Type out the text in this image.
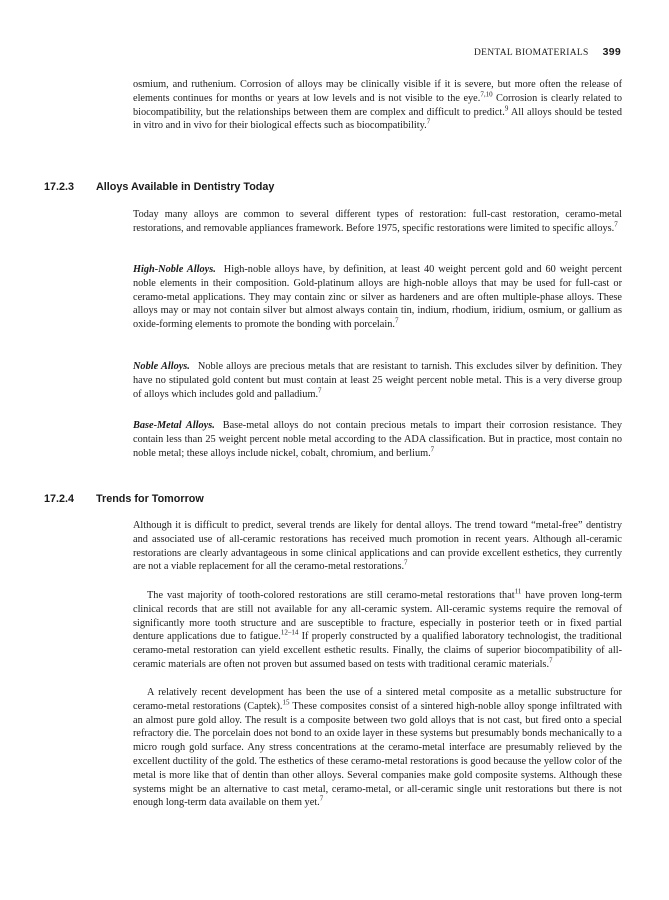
DENTAL BIOMATERIALS 399

osmium, and ruthenium. Corrosion of alloys may be clinically visible if it is severe, but more often the release of elements continues for months or years at low levels and is not visible to the eye.$^{7,10}$ Corrosion is clearly related to biocompatibility, but the relationships between them are complex and difficult to predict.$^9$ All alloys should be tested in vitro and in vivo for their biological effects such as biocompatibility.$^7$

17.2.3 Alloys Available in Dentistry Today

Today many alloys are common to several different types of restoration: full-cast restoration, ceramo-metal restorations, and removable appliances framework. Before 1975, specific restorations were limited to specific alloys.$^7$

High-Noble Alloys. High-noble alloys have, by definition, at least 40 weight percent gold and 60 weight percent noble elements in their composition. Gold-platinum alloys are high-noble alloys that may be used for full-cast or ceramo-metal applications. They may contain zinc or silver as hardeners and are often multiple-phase alloys. These alloys may or may not contain silver but almost always contain tin, indium, rhodium, iridium, osmium, or gallium as oxide-forming elements to promote the bonding with porcelain.$^7$

Noble Alloys. Noble alloys are precious metals that are resistant to tarnish. This excludes silver by definition. They have no stipulated gold content but must contain at least 25 weight percent noble metal. This is a very diverse group of alloys which includes gold and palladium.$^7$

Base-Metal Alloys. Base-metal alloys do not contain precious metals to impart their corrosion resistance. They contain less than 25 weight percent noble metal according to the ADA classification. But in practice, most contain no noble metal; these alloys include nickel, cobalt, chromium, and berlium.$^7$

17.2.4 Trends for Tomorrow

Although it is difficult to predict, several trends are likely for dental alloys. The trend toward “metal-free” dentistry and associated use of all-ceramic restorations has received much promotion in recent years. Although all-ceramic restorations are clearly advantageous in some clinical applications and can provide excellent esthetics, they currently are not a viable replacement for all the ceramo-metal restorations.$^7$

The vast majority of tooth-colored restorations are still ceramo-metal restorations that$^{11}$ have proven long-term clinical records that are still not available for any all-ceramic system. All-ceramic systems require the removal of significantly more tooth structure and are susceptible to fracture, especially in posterior teeth or in fixed partial denture applications due to fatigue.$^{12-14}$ If properly constructed by a qualified laboratory technologist, the traditional ceramo-metal restoration can yield excellent esthetic results. Finally, the claims of superior biocompatibility of all-ceramic materials are often not proven but assumed based on tests with traditional ceramic materials.$^7$

A relatively recent development has been the use of a sintered metal composite as a metallic substructure for ceramo-metal restorations (Captek).$^{15}$ These composites consist of a sintered high-noble alloy sponge infiltrated with an almost pure gold alloy. The result is a composite between two gold alloys that is not cast, but fired onto a special refractory die. The porcelain does not bond to an oxide layer in these systems but presumably bonds mechanically to a micro rough gold surface. Any stress concentrations at the ceramo-metal interface are presumably relieved by the excellent ductility of the gold. The esthetics of these ceramo-metal restorations is good because the yellow color of the metal is more like that of dentin than other alloys. Several companies make gold composite systems. Although these systems might be an alternative to cast metal, ceramo-metal, or all-ceramic single unit restorations but there is not enough long-term data available on them yet.$^7$
